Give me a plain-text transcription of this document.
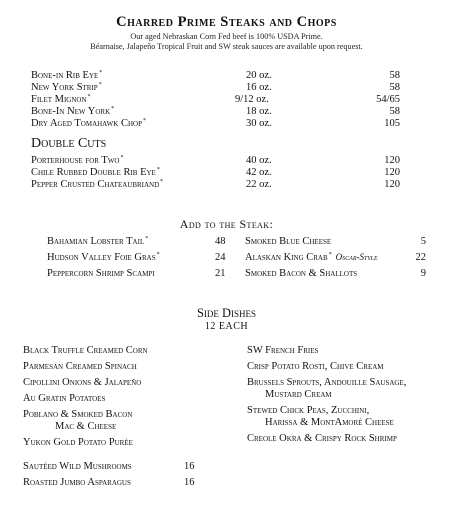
Charred Prime Steaks and Chops
Our aged Nebraskan Corn Fed beef is 100% USDA Prime.
Béarnaise, Jalapeño Tropical Fruit and SW steak sauces are available upon request.
Bone-in Rib Eye*	20 oz.	58
New York Strip*	16 oz.	58
Filet Mignon*	9/12 oz.	54/65
Bone-In New York*	18 oz.	58
Dry Aged Tomahawk Chop*	30 oz.	105
Double Cuts
Porterhouse for Two*	40 oz.	120
Chile Rubbed Double Rib Eye*	42 oz.	120
Pepper Crusted Chateaubriand*	22 oz.	120
Add to the Steak:
Bahamian Lobster Tail*	48
Hudson Valley Foie Gras*	24
Peppercorn Shrimp Scampi	21
Smoked Blue Cheese	5
Alaskan King Crab* Oscar-Style	22
Smoked Bacon & Shallots	9
Side Dishes
12 EACH
Black Truffle Creamed Corn
Parmesan Creamed Spinach
Cipollini Onions & Jalapeño
Au Gratin Potatoes
Poblano & Smoked Bacon
Mac & Cheese
Yukon Gold Potato Purée
SW French Fries
Crisp Potato Rosti, Chive Cream
Brussels Sprouts, Andouille Sausage,
Mustard Cream
Stewed Chick Peas, Zucchini,
Harissa & MontAmoré Cheese
Creole Okra & Crispy Rock Shrimp
Sautéed Wild Mushrooms	16
Roasted Jumbo Asparagus	16
